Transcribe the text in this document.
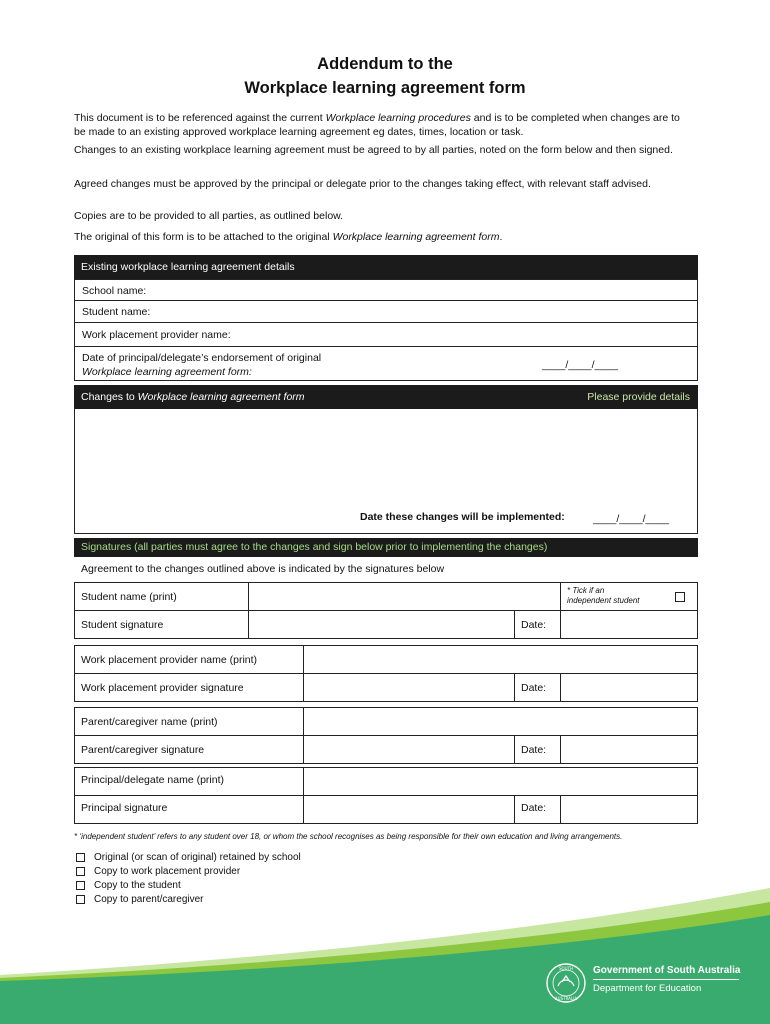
Addendum to the
Workplace learning agreement form

This document is to be referenced against the current Workplace learning procedures and is to be completed when changes are to be made to an existing approved workplace learning agreement eg dates, times, location or task.

Changes to an existing workplace learning agreement must be agreed to by all parties, noted on the form below and then signed.

Agreed changes must be approved by the principal or delegate prior to the changes taking effect, with relevant staff advised.

Copies are to be provided to all parties, as outlined below.

The original of this form is to be attached to the original Workplace learning agreement form.

Existing workplace learning agreement details
School name:
Student name:
Work placement provider name:
Date of principal/delegate’s endorsement of original
Workplace learning agreement form:
____/____/____
Changes to Workplace learning agreement form	Please provide details
Date these changes will be implemented:	____/____/____
Signatures (all parties must agree to the changes and sign below prior to implementing the changes)
Agreement to the changes outlined above is indicated by the signatures below
Student name (print)
* Tick if an
independent student
Student signature	Date:
Work placement provider name (print)
Work placement provider signature	Date:
Parent/caregiver name (print)
Parent/caregiver signature	Date:
Principal/delegate name (print)
Principal signature	Date:
* ‘independent student’ refers to any student over 18, or whom the school recognises as being responsible for their own education and living arrangements.
Original (or scan of original) retained by school
Copy to work placement provider
Copy to the student
Copy to parent/caregiver
SOUTH
AUSTRALIA
Government of South Australia
Department for Education
